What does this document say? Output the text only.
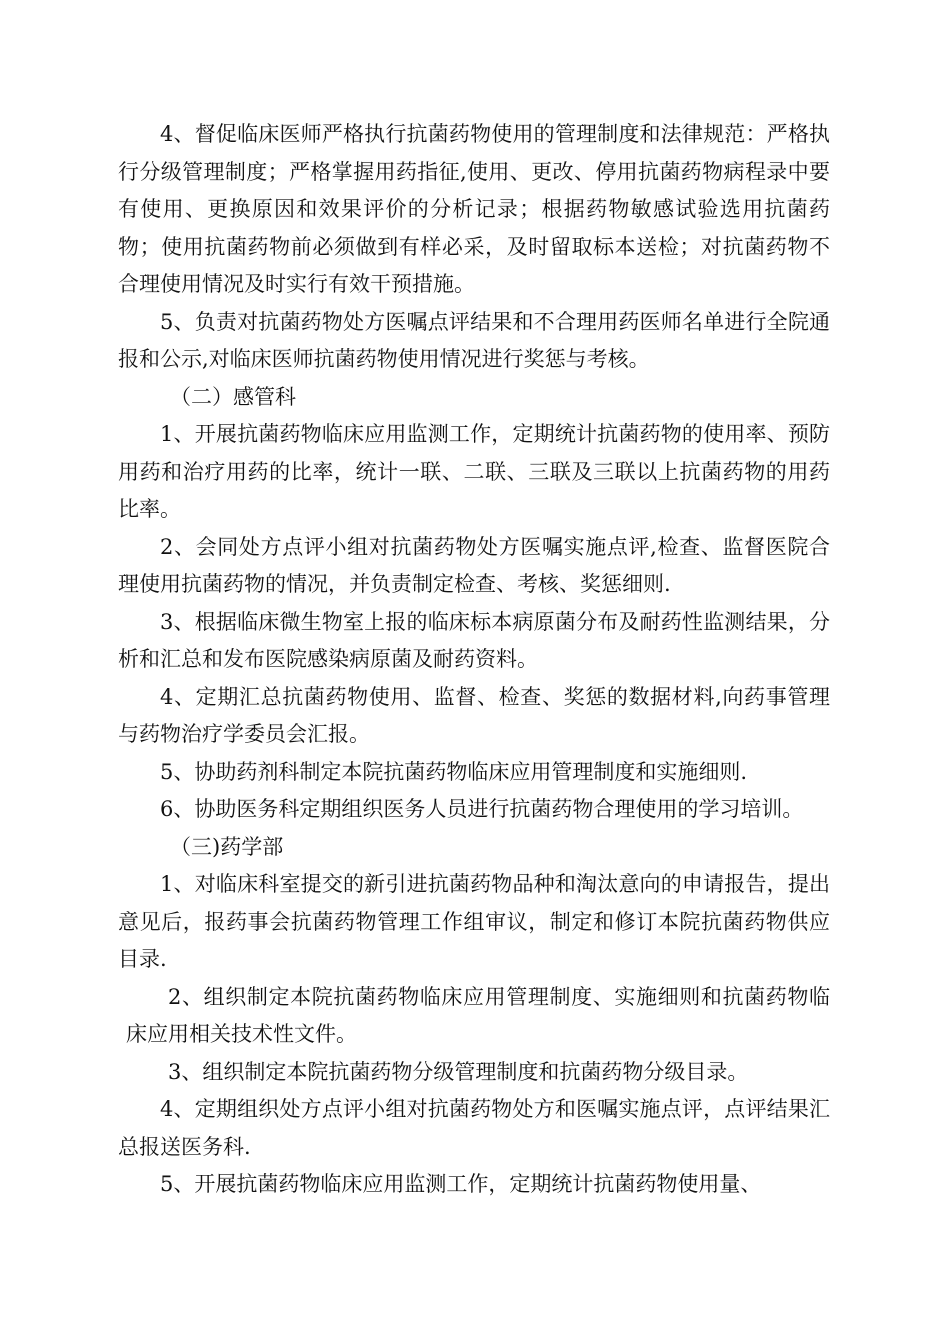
4、督促临床医师严格执行抗菌药物使用的管理制度和法律规范：严格执行分级管理制度；严格掌握用药指征,使用、更改、停用抗菌药物病程录中要有使用、更换原因和效果评价的分析记录；根据药物敏感试验选用抗菌药物；使用抗菌药物前必须做到有样必采，及时留取标本送检；对抗菌药物不合理使用情况及时实行有效干预措施。

5、负责对抗菌药物处方医嘱点评结果和不合理用药医师名单进行全院通报和公示,对临床医师抗菌药物使用情况进行奖惩与考核。

（二）感管科

1、开展抗菌药物临床应用监测工作，定期统计抗菌药物的使用率、预防用药和治疗用药的比率，统计一联、二联、三联及三联以上抗菌药物的用药比率。

2、会同处方点评小组对抗菌药物处方医嘱实施点评,检查、监督医院合理使用抗菌药物的情况，并负责制定检查、考核、奖惩细则.

3、根据临床微生物室上报的临床标本病原菌分布及耐药性监测结果，分析和汇总和发布医院感染病原菌及耐药资料。

4、定期汇总抗菌药物使用、监督、检查、奖惩的数据材料,向药事管理与药物治疗学委员会汇报。

5、协助药剂科制定本院抗菌药物临床应用管理制度和实施细则.

6、协助医务科定期组织医务人员进行抗菌药物合理使用的学习培训。

（三)药学部

1、对临床科室提交的新引进抗菌药物品种和淘汰意向的申请报告，提出意见后，报药事会抗菌药物管理工作组审议，制定和修订本院抗菌药物供应目录.

2、组织制定本院抗菌药物临床应用管理制度、实施细则和抗菌药物临床应用相关技术性文件。

3、组织制定本院抗菌药物分级管理制度和抗菌药物分级目录。

4、定期组织处方点评小组对抗菌药物处方和医嘱实施点评，点评结果汇总报送医务科.

5、开展抗菌药物临床应用监测工作，定期统计抗菌药物使用量、
